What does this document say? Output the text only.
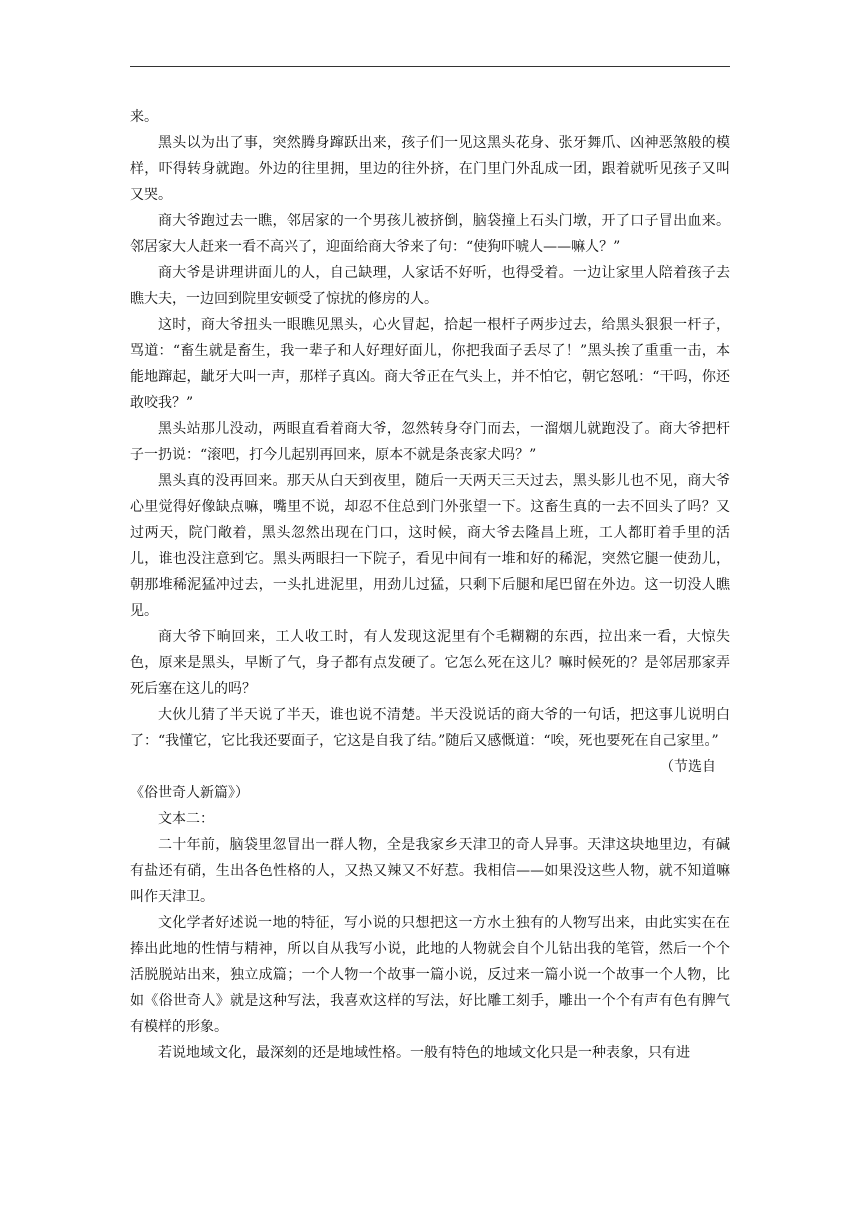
来。

黑头以为出了事，突然腾身蹿跃出来，孩子们一见这黑头花身、张牙舞爪、凶神恶煞般的模样，吓得转身就跑。外边的往里拥，里边的往外挤，在门里门外乱成一团，跟着就听见孩子又叫又哭。

商大爷跑过去一瞧，邻居家的一个男孩儿被挤倒，脑袋撞上石头门墩，开了口子冒出血来。邻居家大人赶来一看不高兴了，迎面给商大爷来了句：“使狗吓唬人——嘛人？”

商大爷是讲理讲面儿的人，自己缺理，人家话不好听，也得受着。一边让家里人陪着孩子去瞧大夫，一边回到院里安顿受了惊扰的修房的人。

这时，商大爷扭头一眼瞧见黑头，心火冒起，拾起一根杆子两步过去，给黑头狠狠一杆子，骂道：“畜生就是畜生，我一辈子和人好理好面儿，你把我面子丢尽了！”黑头挨了重重一击，本能地蹿起，龇牙大叫一声，那样子真凶。商大爷正在气头上，并不怕它，朝它怒吼：“干吗，你还敢咬我？”

黑头站那儿没动，两眼直看着商大爷，忽然转身夺门而去，一溜烟儿就跑没了。商大爷把杆子一扔说：“滚吧，打今儿起别再回来，原本不就是条丧家犬吗？”

黑头真的没再回来。那天从白天到夜里，随后一天两天三天过去，黑头影儿也不见，商大爷心里觉得好像缺点嘛，嘴里不说，却忍不住总到门外张望一下。这畜生真的一去不回头了吗？又过两天，院门敞着，黑头忽然出现在门口，这时候，商大爷去隆昌上班，工人都盯着手里的活儿，谁也没注意到它。黑头两眼扫一下院子，看见中间有一堆和好的稀泥，突然它腿一使劲儿，朝那堆稀泥猛冲过去，一头扎进泥里，用劲儿过猛，只剩下后腿和尾巴留在外边。这一切没人瞧见。

商大爷下晌回来，工人收工时，有人发现这泥里有个毛糊糊的东西，拉出来一看，大惊失色，原来是黑头，早断了气，身子都有点发硬了。它怎么死在这儿？嘛时候死的？是邻居那家弄死后塞在这儿的吗？

大伙儿猜了半天说了半天，谁也说不清楚。半天没说话的商大爷的一句话，把这事儿说明白了：“我懂它，它比我还要面子，它这是自我了结。”随后又感慨道：“唉，死也要死在自己家里。”

（节选自

《俗世奇人新篇》）

文本二：

二十年前，脑袋里忽冒出一群人物，全是我家乡天津卫的奇人异事。天津这块地里边，有碱有盐还有硝，生出各色性格的人，又热又辣又不好惹。我相信——如果没这些人物，就不知道嘛叫作天津卫。

文化学者好述说一地的特征，写小说的只想把这一方水土独有的人物写出来，由此实实在在捧出此地的性情与精神，所以自从我写小说，此地的人物就会自个儿钻出我的笔管，然后一个个活脱脱站出来，独立成篇；一个人物一个故事一篇小说，反过来一篇小说一个故事一个人物，比如《俗世奇人》就是这种写法，我喜欢这样的写法，好比雕工刻手，雕出一个个有声有色有脾气有模样的形象。

若说地域文化，最深刻的还是地域性格。一般有特色的地域文化只是一种表象，只有进
